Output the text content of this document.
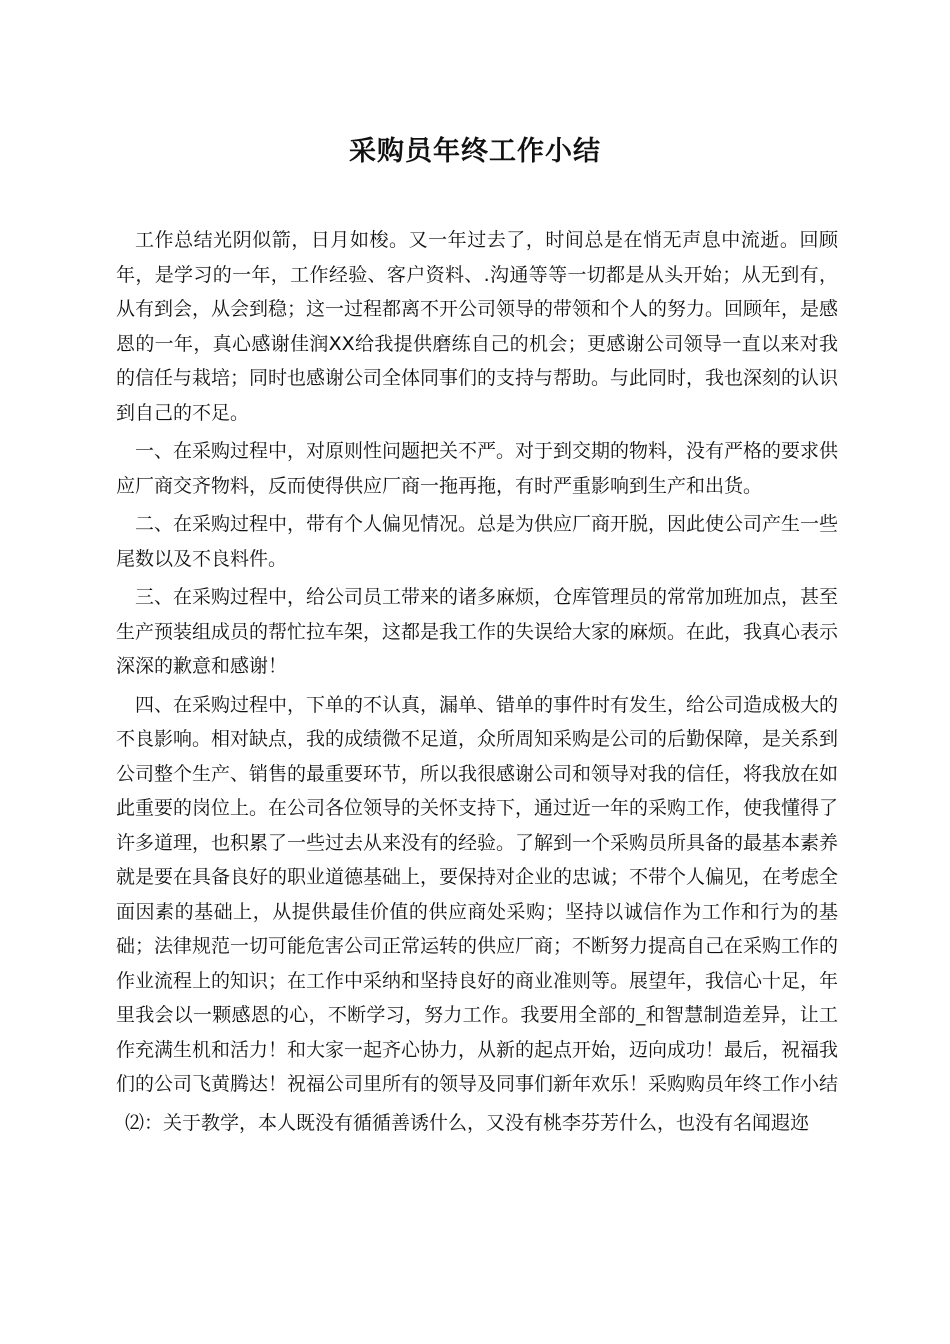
采购员年终工作小结

工作总结光阴似箭，日月如梭。又一年过去了，时间总是在悄无声息中流逝。回顾年，是学习的一年，工作经验、客户资料、.沟通等等一切都是从头开始；从无到有，从有到会，从会到稳；这一过程都离不开公司领导的带领和个人的努力。回顾年，是感恩的一年，真心感谢佳润XX给我提供磨练自己的机会；更感谢公司领导一直以来对我的信任与栽培；同时也感谢公司全体同事们的支持与帮助。与此同时，我也深刻的认识到自己的不足。

一、在采购过程中，对原则性问题把关不严。对于到交期的物料，没有严格的要求供应厂商交齐物料，反而使得供应厂商一拖再拖，有时严重影响到生产和出货。

二、在采购过程中，带有个人偏见情况。总是为供应厂商开脱，因此使公司产生一些尾数以及不良料件。

三、在采购过程中，给公司员工带来的诸多麻烦，仓库管理员的常常加班加点，甚至生产预装组成员的帮忙拉车架，这都是我工作的失误给大家的麻烦。在此，我真心表示深深的歉意和感谢！

四、在采购过程中，下单的不认真，漏单、错单的事件时有发生，给公司造成极大的不良影响。相对缺点，我的成绩微不足道，众所周知采购是公司的后勤保障，是关系到公司整个生产、销售的最重要环节，所以我很感谢公司和领导对我的信任，将我放在如此重要的岗位上。在公司各位领导的关怀支持下，通过近一年的采购工作，使我懂得了许多道理，也积累了一些过去从来没有的经验。了解到一个采购员所具备的最基本素养就是要在具备良好的职业道德基础上，要保持对企业的忠诚；不带个人偏见，在考虑全面因素的基础上，从提供最佳价值的供应商处采购；坚持以诚信作为工作和行为的基础；法律规范一切可能危害公司正常运转的供应厂商；不断努力提高自己在采购工作的作业流程上的知识；在工作中采纳和坚持良好的商业准则等。展望年，我信心十足，年里我会以一颗感恩的心，不断学习，努力工作。我要用全部的_和智慧制造差异，让工作充满生机和活力！和大家一起齐心协力，从新的起点开始，迈向成功！最后，祝福我们的公司飞黄腾达！祝福公司里所有的领导及同事们新年欢乐！采购购员年终工作小结

⑵：关于教学，本人既没有循循善诱什么，又没有桃李芬芳什么，也没有名闻遐迩
